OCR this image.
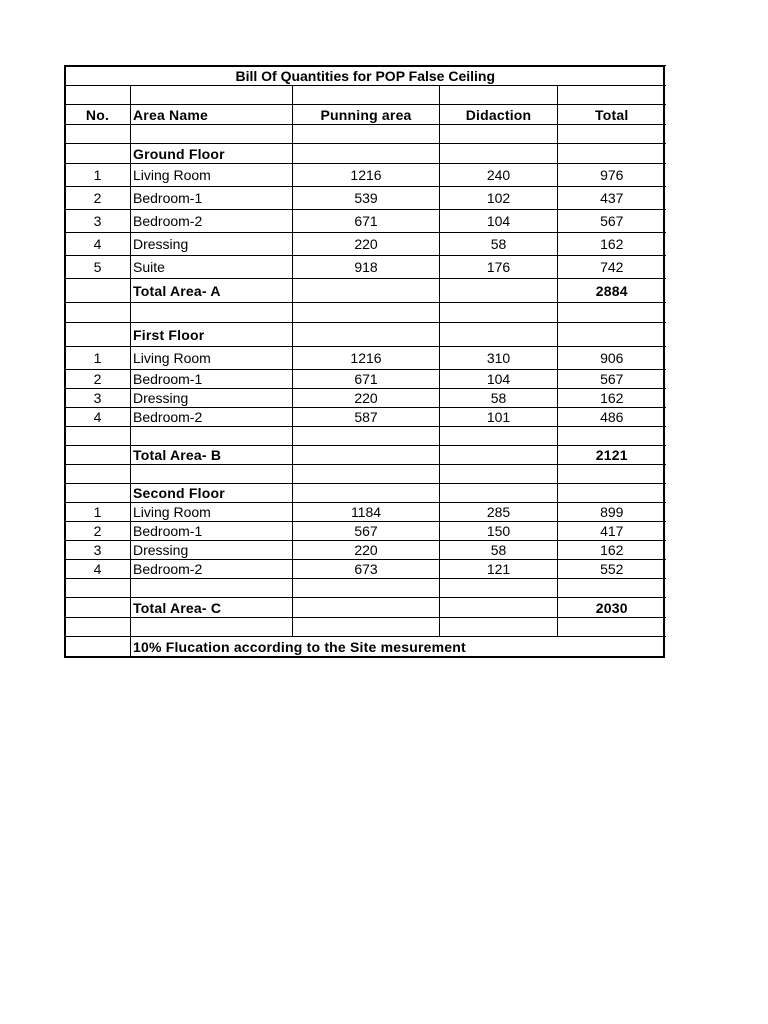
Bill Of Quantities for POP False Ceiling				

No.	Area Name	Punning area	Didaction	Total

	Ground Floor			
1	Living Room	1216	240	976
2	Bedroom-1	539	102	437
3	Bedroom-2	671	104	567
4	Dressing	220	58	162
5	Suite	918	176	742
	Total Area- A			2884

	First Floor			
1	Living Room	1216	310	906
2	Bedroom-1	671	104	567
3	Dressing	220	58	162
4	Bedroom-2	587	101	486

	Total Area- B			2121

	Second Floor			
1	Living Room	1184	285	899
2	Bedroom-1	567	150	417
3	Dressing	220	58	162
4	Bedroom-2	673	121	552

	Total Area- C			2030

	10% Flucation according to the Site mesurement			
